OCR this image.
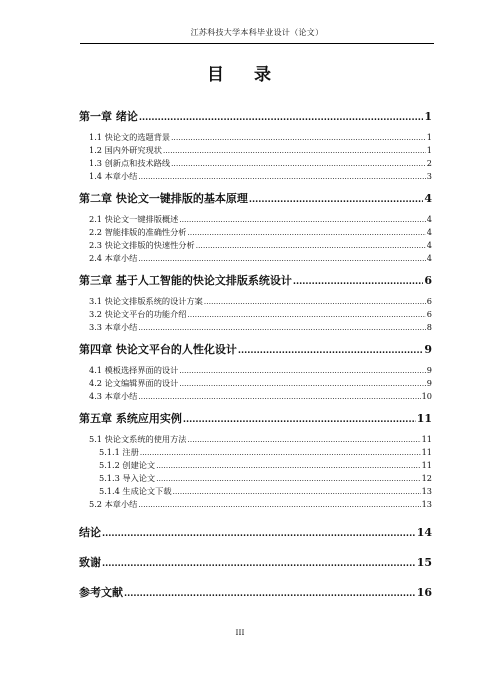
江苏科技大学本科毕业设计（论文）
目 录
第一章 绪论 .....	1
1.1 快论文的选题背景 .....	1
1.2 国内外研究现状 .....	1
1.3 创新点和技术路线 .....	2
1.4 本章小结 .....	3
第二章 快论文一键排版的基本原理 .....	4
2.1 快论文一键排版概述 .....	4
2.2 智能排版的准确性分析 .....	4
2.3 快论文排版的快速性分析 .....	4
2.4 本章小结 .....	4
第三章 基于人工智能的快论文排版系统设计 .....	6
3.1 快论文排版系统的设计方案 .....	6
3.2 快论文平台的功能介绍 .....	6
3.3 本章小结 .....	8
第四章 快论文平台的人性化设计 .....	9
4.1 模板选择界面的设计 .....	9
4.2 论文编辑界面的设计 .....	9
4.3 本章小结 .....	10
第五章 系统应用实例 .....	11
5.1 快论文系统的使用方法 .....	11
5.1.1 注册 .....	11
5.1.2 创建论文 .....	11
5.1.3 导入论文 .....	12
5.1.4 生成论文下载 .....	13
5.2 本章小结 .....	13
结论 .....	14
致谢 .....	15
参考文献 .....	16
III
